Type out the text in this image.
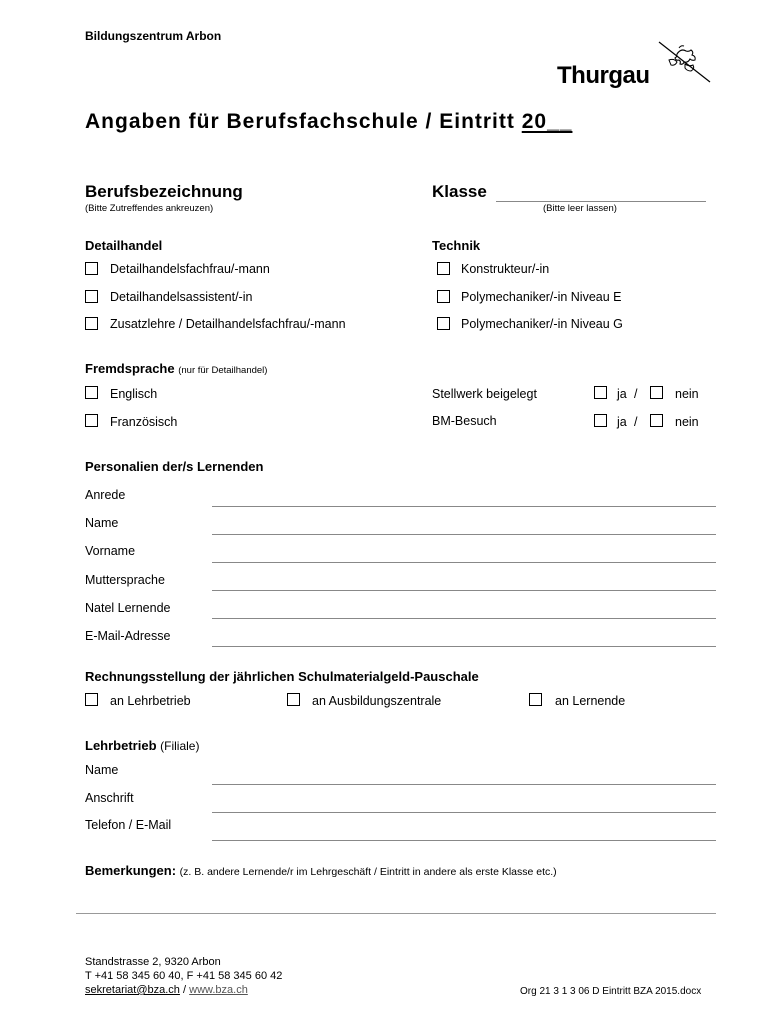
Bildungszentrum Arbon
Thurgau
Angaben für Berufsfachschule / Eintritt 20__
Berufsbezeichnung
(Bitte Zutreffendes ankreuzen)
Klasse
(Bitte leer lassen)
Detailhandel	Technik
Detailhandelsfachfrau/-mann
Detailhandelsassistent/-in
Zusatzlehre / Detailhandelsfachfrau/-mann
Konstrukteur/-in
Polymechaniker/-in Niveau E
Polymechaniker/-in Niveau G
Fremdsprache (nur für Detailhandel)
Englisch
Französisch
Stellwerk beigelegt	ja /	nein
BM-Besuch	ja /	nein
Personalien der/s Lernenden
Anrede
Name
Vorname
Muttersprache
Natel Lernende
E-Mail-Adresse
Rechnungsstellung der jährlichen Schulmaterialgeld-Pauschale
an Lehrbetrieb	an Ausbildungszentrale	an Lernende
Lehrbetrieb (Filiale)
Name
Anschrift
Telefon / E-Mail
Bemerkungen: (z. B. andere Lernende/r im Lehrgeschäft / Eintritt in andere als erste Klasse etc.)
Standstrasse 2, 9320 Arbon
T +41 58 345 60 40, F +41 58 345 60 42
sekretariat@bza.ch / www.bza.ch	Org 21 3 1 3 06 D Eintritt BZA 2015.docx
